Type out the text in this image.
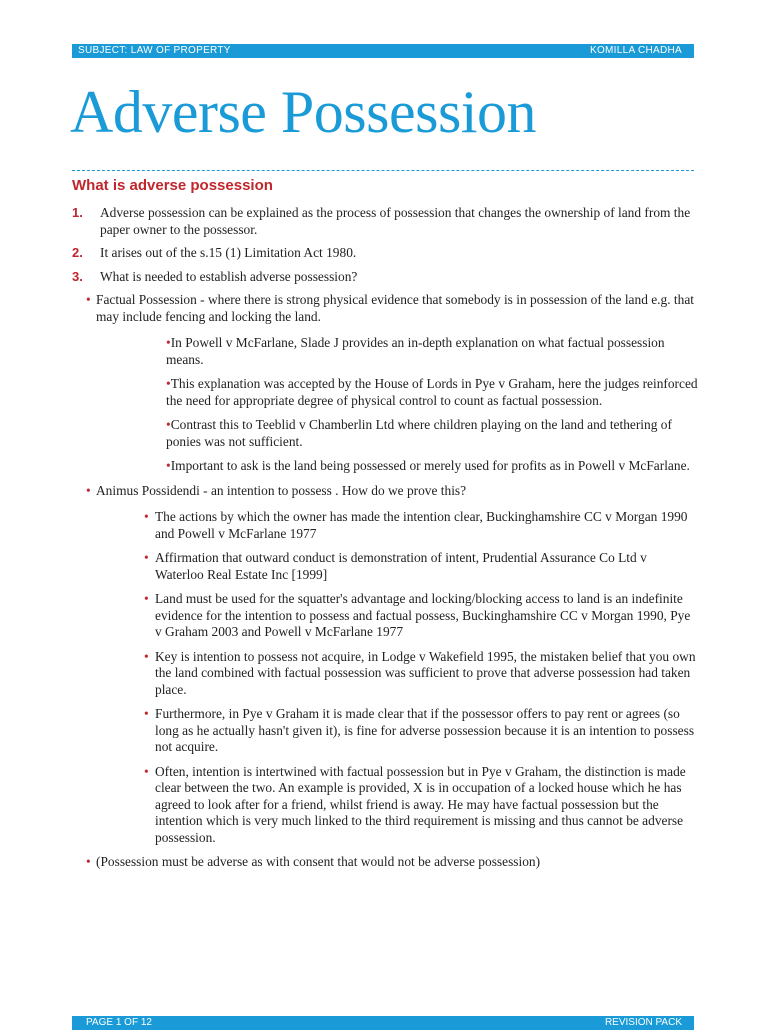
SUBJECT: LAW OF PROPERTY	KOMILLA CHADHA
Adverse Possession
What is adverse possession
1. Adverse possession can be explained as the process of possession that changes the ownership of land from the paper owner to the possessor.
2. It arises out of the s.15 (1) Limitation Act 1980.
3. What is needed to establish adverse possession?
• Factual Possession - where there is strong physical evidence that somebody is in possession of the land e.g. that may include fencing and locking the land.
•In Powell v McFarlane, Slade J provides an in-depth explanation on what factual possession means.
•This explanation was accepted by the House of Lords in Pye v Graham, here the judges reinforced the need for appropriate degree of physical control to count as factual possession.
•Contrast this to Teeblid v Chamberlin Ltd where children playing on the land and tethering of ponies was not sufficient.
•Important to ask is the land being possessed or merely used for profits as in Powell v McFarlane.
• Animus Possidendi - an intention to possess . How do we prove this?
• The actions by which the owner has made the intention clear, Buckinghamshire CC v Morgan 1990 and Powell v McFarlane 1977
• Affirmation that outward conduct is demonstration of intent, Prudential Assurance Co Ltd v Waterloo Real Estate Inc [1999]
• Land must be used for the squatter's advantage and locking/blocking access to land is an indefinite evidence for the intention to possess and factual possess, Buckinghamshire CC v Morgan 1990, Pye v Graham 2003 and Powell v McFarlane 1977
• Key is intention to possess not acquire, in Lodge v Wakefield 1995, the mistaken belief that you own the land combined with factual possession was sufficient to prove that adverse possession had taken place.
• Furthermore, in Pye v Graham it is made clear that if the possessor offers to pay rent or agrees (so long as he actually hasn't given it), is fine for adverse possession because it is an intention to possess not acquire.
• Often, intention is intertwined with factual possession but in Pye v Graham, the distinction is made clear between the two. An example is provided, X is in occupation of a locked house which he has agreed to look after for a friend, whilst friend is away. He may have factual possession but the intention which is very much linked to the third requirement is missing and thus cannot be adverse possession.
• (Possession must be adverse as with consent that would not be adverse possession)
PAGE 1 OF 12	REVISION PACK
